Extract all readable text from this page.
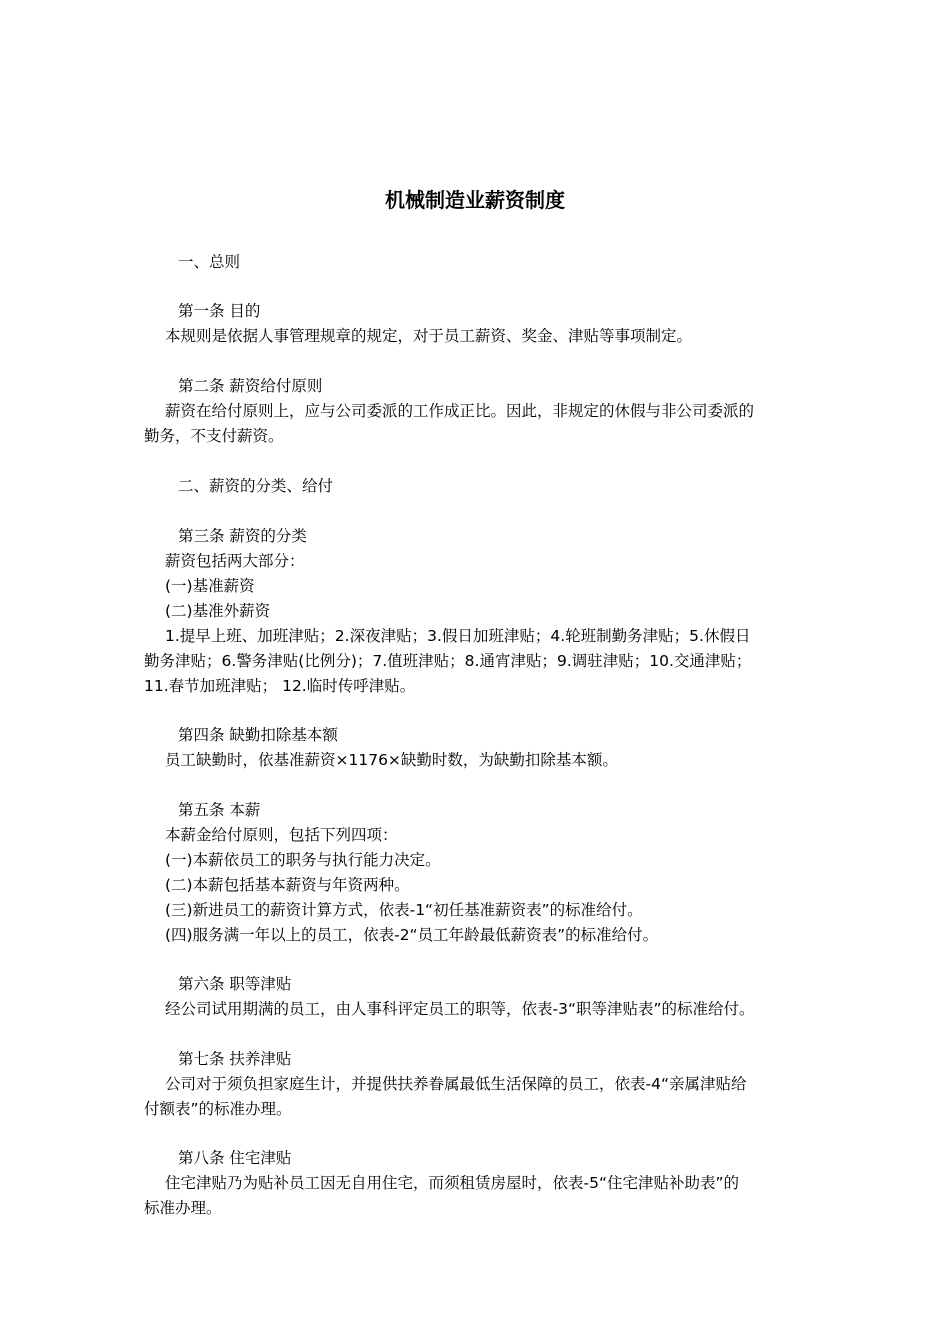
机械制造业薪资制度
一、总则
第一条 目的
本规则是依据人事管理规章的规定，对于员工薪资、奖金、津贴等事项制定。
第二条 薪资给付原则
薪资在给付原则上，应与公司委派的工作成正比。因此，非规定的休假与非公司委派的
勤务，不支付薪资。
二、薪资的分类、给付
第三条 薪资的分类
薪资包括两大部分：
(一)基准薪资
(二)基准外薪资
1.提早上班、加班津贴；2.深夜津贴；3.假日加班津贴；4.轮班制勤务津贴；5.休假日
勤务津贴；6.警务津贴(比例分)；7.值班津贴；8.通宵津贴；9.调驻津贴；10.交通津贴；
11.春节加班津贴； 12.临时传呼津贴。
第四条 缺勤扣除基本额
员工缺勤时，依基准薪资×1176×缺勤时数，为缺勤扣除基本额。
第五条 本薪
本薪金给付原则，包括下列四项：
(一)本薪依员工的职务与执行能力决定。
(二)本薪包括基本薪资与年资两种。
(三)新进员工的薪资计算方式，依表-1“初任基准薪资表”的标准给付。
(四)服务满一年以上的员工，依表-2“员工年龄最低薪资表”的标准给付。
第六条 职等津贴
经公司试用期满的员工，由人事科评定员工的职等，依表-3“职等津贴表”的标准给付。
第七条 扶养津贴
公司对于须负担家庭生计，并提供扶养眷属最低生活保障的员工，依表-4“亲属津贴给
付额表”的标准办理。
第八条 住宅津贴
住宅津贴乃为贴补员工因无自用住宅，而须租赁房屋时，依表-5“住宅津贴补助表”的
标准办理。
